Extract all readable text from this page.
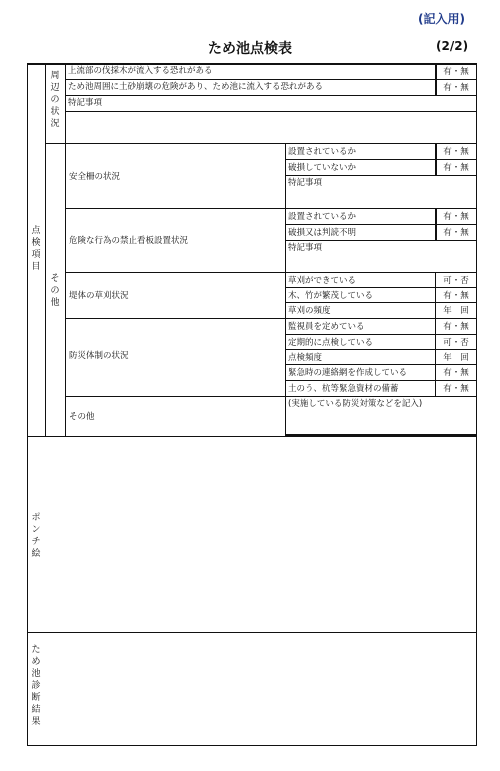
(記入用)
ため池点検表	(2/2)
点検項目
周辺の状況
その他
ポンチ絵
ため池診断結果
上流部の伐採木が流入する恐れがある	有・無
ため池周囲に土砂崩壊の危険があり、ため池に流入する恐れがある	有・無
特記事項
安全柵の状況
設置されているか	有・無
破損していないか	有・無
特記事項
危険な行為の禁止看板設置状況
設置されているか	有・無
破損又は判読不明	有・無
特記事項
堤体の草刈状況
草刈ができている	可・否
木、竹が繁茂している	有・無
草刈の頻度	年　回
防災体制の状況
監視員を定めている	有・無
定期的に点検している	可・否
点検頻度	年　回
緊急時の連絡網を作成している	有・無
土のう、杭等緊急資材の備蓄	有・無
その他
(実施している防災対策などを記入)
